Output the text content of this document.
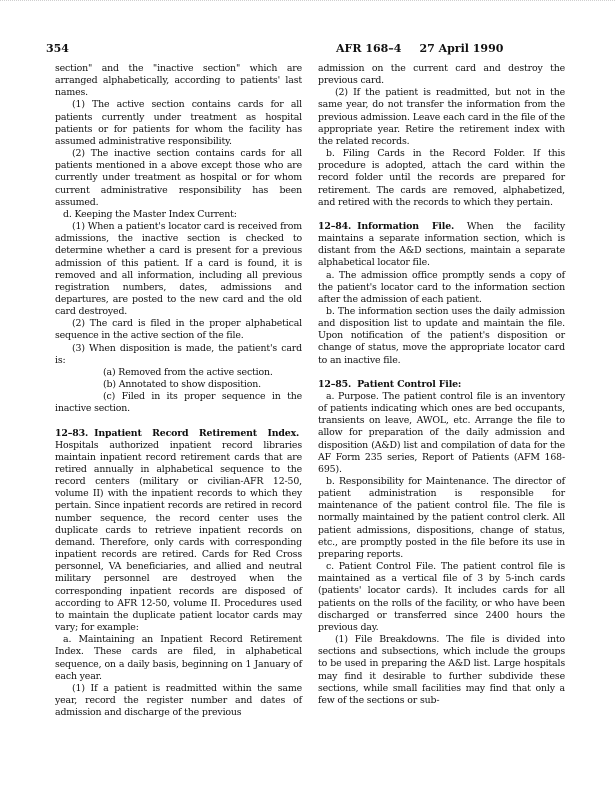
354	AFR 168–4 27 April 1990

section" and the "inactive section" which are arranged alphabetically, according to patients' last names.

(1) The active section contains cards for all patients currently under treatment as hospital patients or for patients for whom the facility has assumed administrative responsibility.

(2) The inactive section contains cards for all patients mentioned in a above except those who are currently under treatment as hospital or for whom current administrative responsibility has been assumed.

d. Keeping the Master Index Current:

(1) When a patient's locator card is received from admissions, the inactive section is checked to determine whether a card is present for a previous admission of this patient. If a card is found, it is removed and all information, including all previous registration numbers, dates, admissions and departures, are posted to the new card and the old card destroyed.

(2) The card is filed in the proper alphabetical sequence in the active section of the file.

(3) When disposition is made, the patient's card is:

(a) Removed from the active section.

(b) Annotated to show disposition.

(c) Filed in its proper sequence in the inactive section.

12–83. Inpatient Record Retirement Index.  Hospitals authorized inpatient record libraries maintain inpatient record retirement cards that are retired annually in alphabetical sequence to the record centers (military or civilian-AFR 12-50, volume II) with the inpatient records to which they pertain. Since inpatient records are retired in record number sequence, the record center uses the duplicate cards to retrieve inpatient records on demand. Therefore, only cards with corresponding inpatient records are retired. Cards for Red Cross personnel, VA beneficiaries, and allied and neutral military personnel are destroyed when the corresponding inpatient records are disposed of according to AFR 12-50, volume II. Procedures used to maintain the duplicate patient locator cards may vary; for example:

a. Maintaining an Inpatient Record Retirement Index. These cards are filed, in alphabetical sequence, on a daily basis, beginning on 1 January of each year.

(1) If a patient is readmitted within the same year, record the register number and dates of admission and discharge of the previous

admission on the current card and destroy the previous card.

(2) If the patient is readmitted, but not in the same year, do not transfer the information from the previous admission. Leave each card in the file of the appropriate year. Retire the retirement index with the related records.

b. Filing Cards in the Record Folder. If this procedure is adopted, attach the card within the record folder until the records are prepared for retirement. The cards are removed, alphabetized, and retired with the records to which they pertain.

12–84. Information File. When the facility maintains a separate information section, which is distant from the A&D sections, maintain a separate alphabetical locator file.

a. The admission office promptly sends a copy of the patient's locator card to the information section after the admission of each patient.

b. The information section uses the daily admission and disposition list to update and maintain the file. Upon notification of the patient's disposition or change of status, move the appropriate locator card to an inactive file.

12–85. Patient Control File:

a. Purpose. The patient control file is an inventory of patients indicating which ones are bed occupants, transients on leave, AWOL, etc. Arrange the file to allow for preparation of the daily admission and disposition (A&D) list and compilation of data for the AF Form 235 series, Report of Patients (AFM 168-695).

b. Responsibility for Maintenance. The director of patient administration is responsible for maintenance of the patient control file. The file is normally maintained by the patient control clerk. All patient admissions, dispositions, change of status, etc., are promptly posted in the file before its use in preparing reports.

c. Patient Control File. The patient control file is maintained as a vertical file of 3 by 5-inch cards (patients' locator cards). It includes cards for all patients on the rolls of the facility, or who have been discharged or transferred since 2400 hours the previous day.

(1) File Breakdowns. The file is divided into sections and subsections, which include the groups to be used in preparing the A&D list. Large hospitals may find it desirable to further subdivide these sections, while small facilities may find that only a few of the sections or sub-
